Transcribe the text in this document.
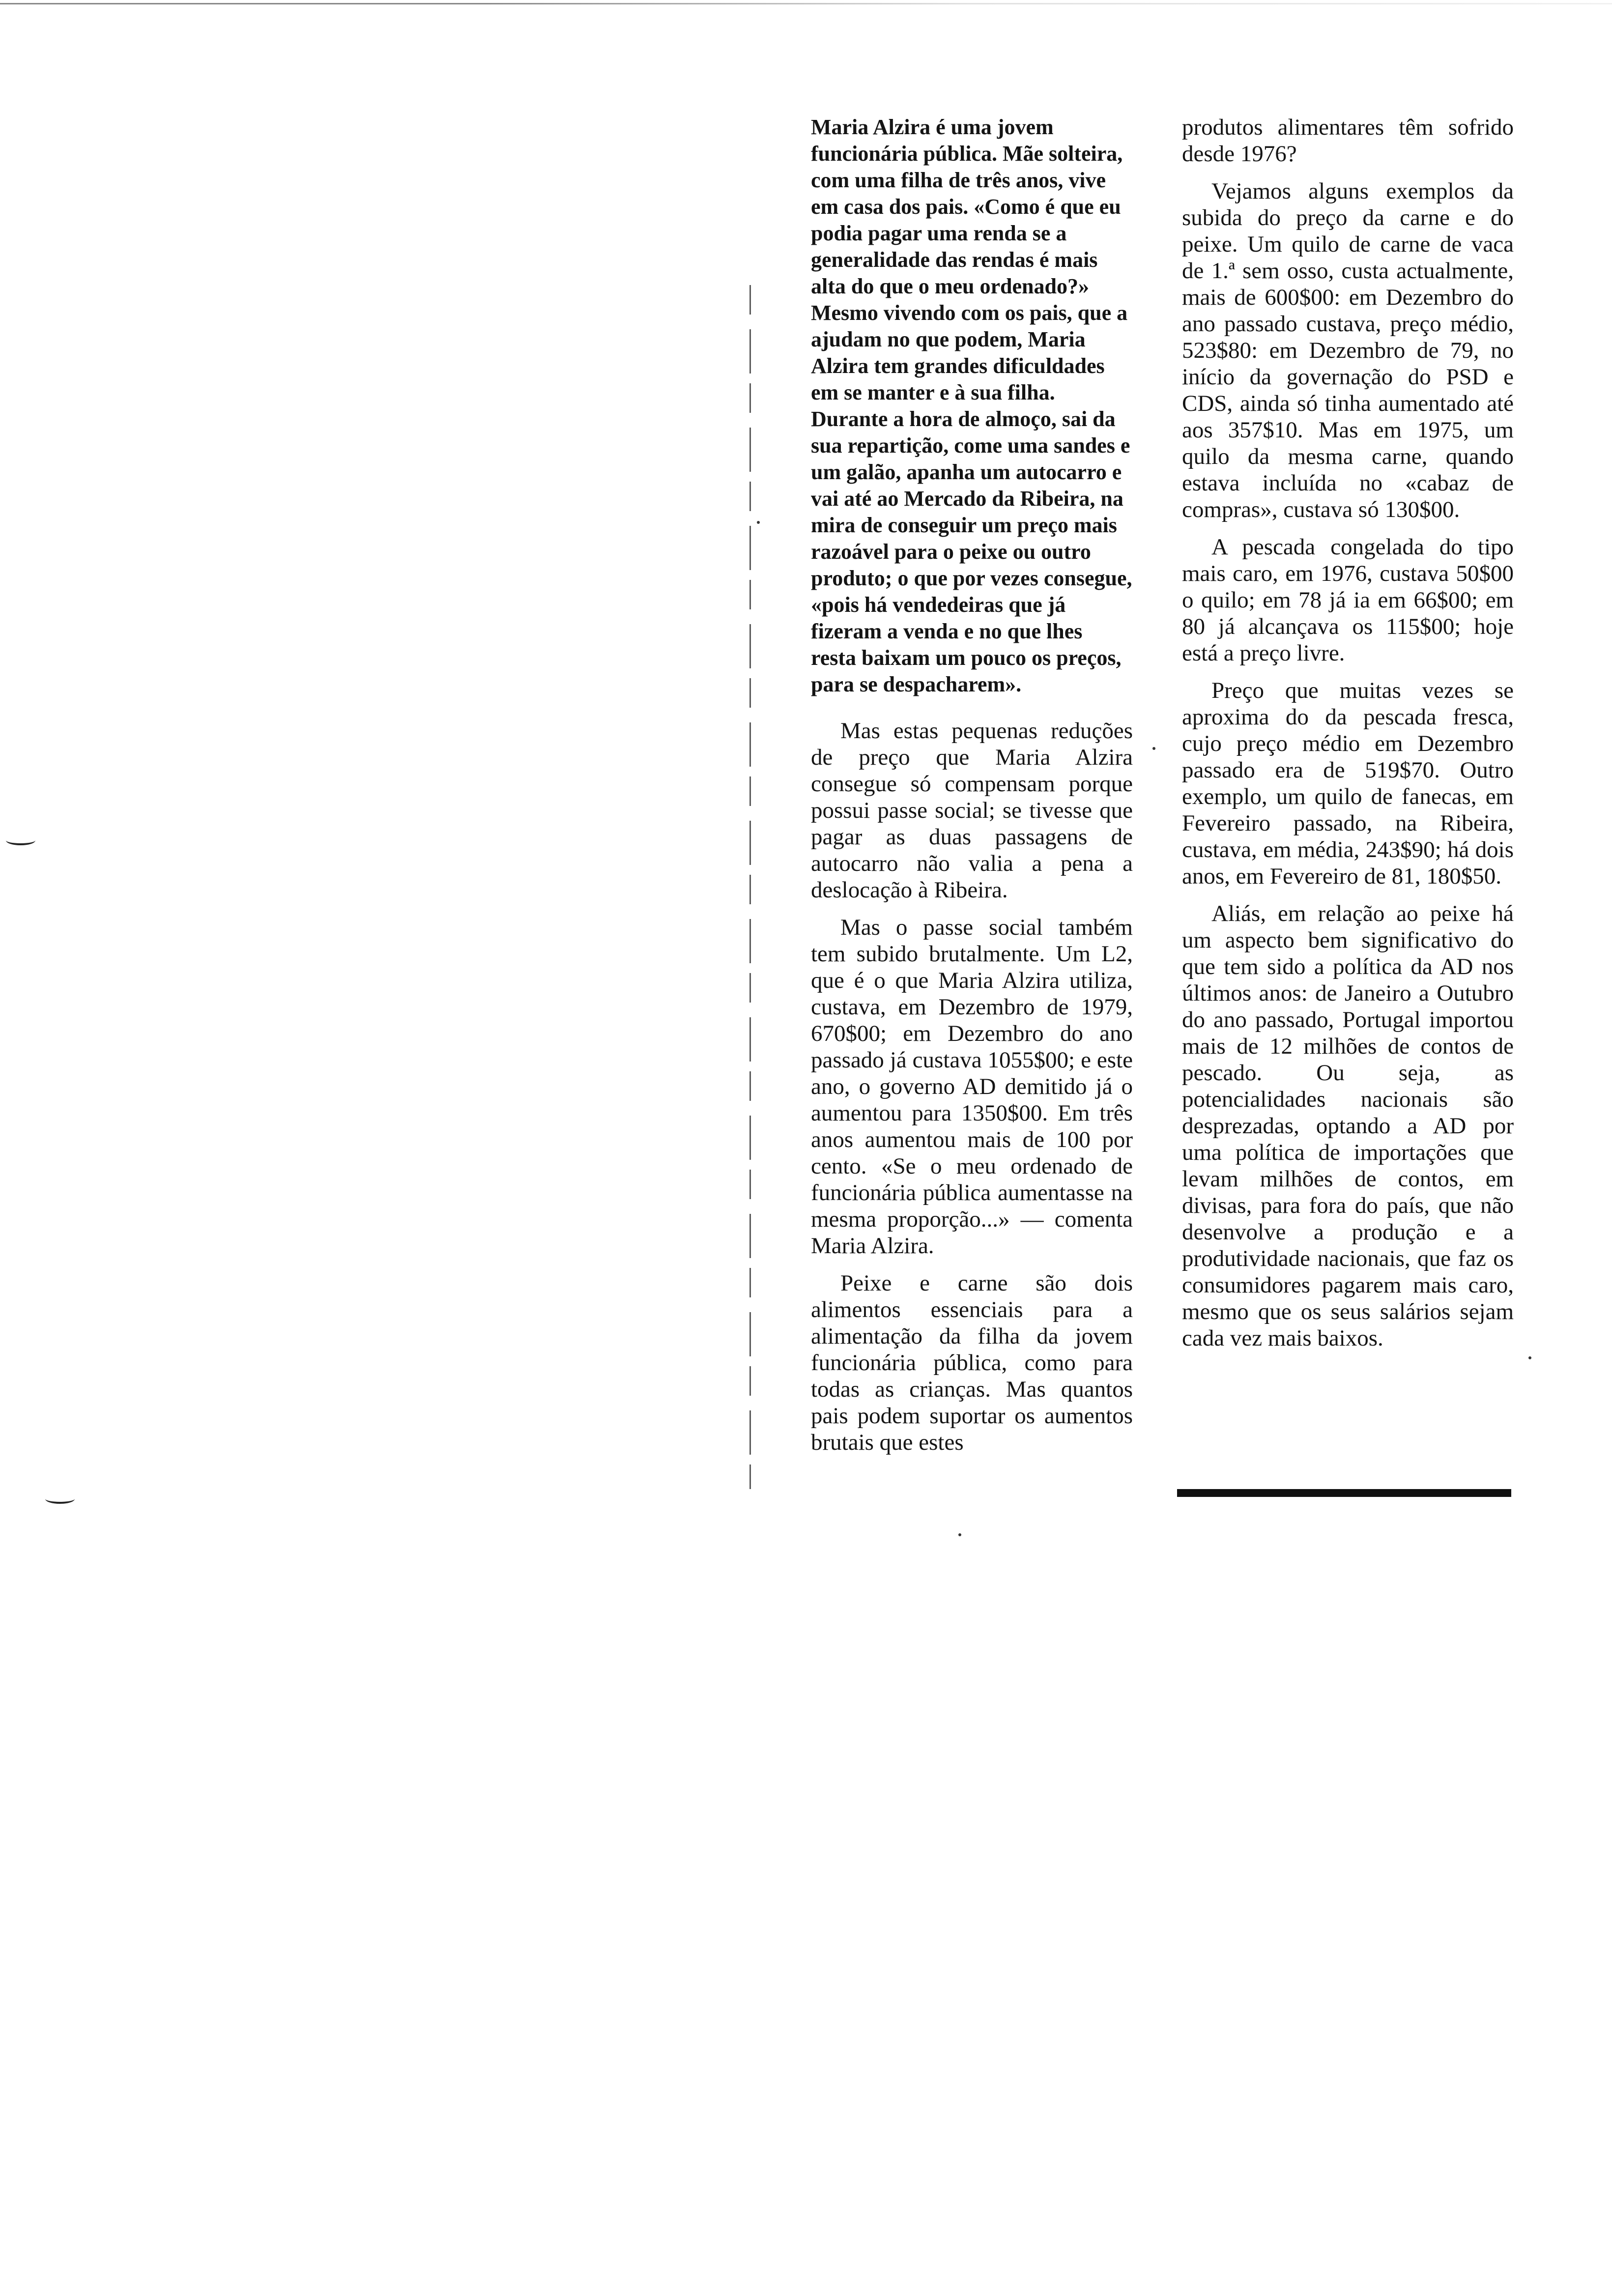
Maria Alzira é uma jovem funcionária pública. Mãe solteira, com uma filha de três anos, vive em casa dos pais. «Como é que eu podia pagar uma renda se a generalidade das rendas é mais alta do que o meu ordenado?» Mesmo vivendo com os pais, que a ajudam no que podem, Maria Alzira tem grandes dificuldades em se manter e à sua filha. Durante a hora de almoço, sai da sua repartição, come uma sandes e um galão, apanha um autocarro e vai até ao Mercado da Ribeira, na mira de conseguir um preço mais razoável para o peixe ou outro produto; o que por vezes consegue, «pois há vendedeiras que já fizeram a venda e no que lhes resta baixam um pouco os preços, para se despacharem».

Mas estas pequenas reduções de preço que Maria Alzira consegue só compensam porque possui passe social; se tivesse que pagar as duas passagens de autocarro não valia a pena a deslocação à Ribeira.

Mas o passe social também tem subido brutalmente. Um L2, que é o que Maria Alzira utiliza, custava, em Dezembro de 1979, 670$00; em Dezembro do ano passado já custava 1055$00; e este ano, o governo AD demitido já o aumentou para 1350$00. Em três anos aumentou mais de 100 por cento. «Se o meu ordenado de funcionária pública aumentasse na mesma proporção...» — comenta Maria Alzira.

Peixe e carne são dois alimentos essenciais para a alimentação da filha da jovem funcionária pública, como para todas as crianças. Mas quantos pais podem suportar os aumentos brutais que estes

produtos alimentares têm sofrido desde 1976?

Vejamos alguns exemplos da subida do preço da carne e do peixe. Um quilo de carne de vaca de 1.ª sem osso, custa actualmente, mais de 600$00: em Dezembro do ano passado custava, preço médio, 523$80: em Dezembro de 79, no início da governação do PSD e CDS, ainda só tinha aumentado até aos 357$10. Mas em 1975, um quilo da mesma carne, quando estava incluída no «cabaz de compras», custava só 130$00.

A pescada congelada do tipo mais caro, em 1976, custava 50$00 o quilo; em 78 já ia em 66$00; em 80 já alcançava os 115$00; hoje está a preço livre.

Preço que muitas vezes se aproxima do da pescada fresca, cujo preço médio em Dezembro passado era de 519$70. Outro exemplo, um quilo de fanecas, em Fevereiro passado, na Ribeira, custava, em média, 243$90; há dois anos, em Fevereiro de 81, 180$50.

Aliás, em relação ao peixe há um aspecto bem significativo do que tem sido a política da AD nos últimos anos: de Janeiro a Outubro do ano passado, Portugal importou mais de 12 milhões de contos de pescado. Ou seja, as potencialidades nacionais são desprezadas, optando a AD por uma política de importações que levam milhões de contos, em divisas, para fora do país, que não desenvolve a produção e a produtividade nacionais, que faz os consumidores pagarem mais caro, mesmo que os seus salários sejam cada vez mais baixos.
